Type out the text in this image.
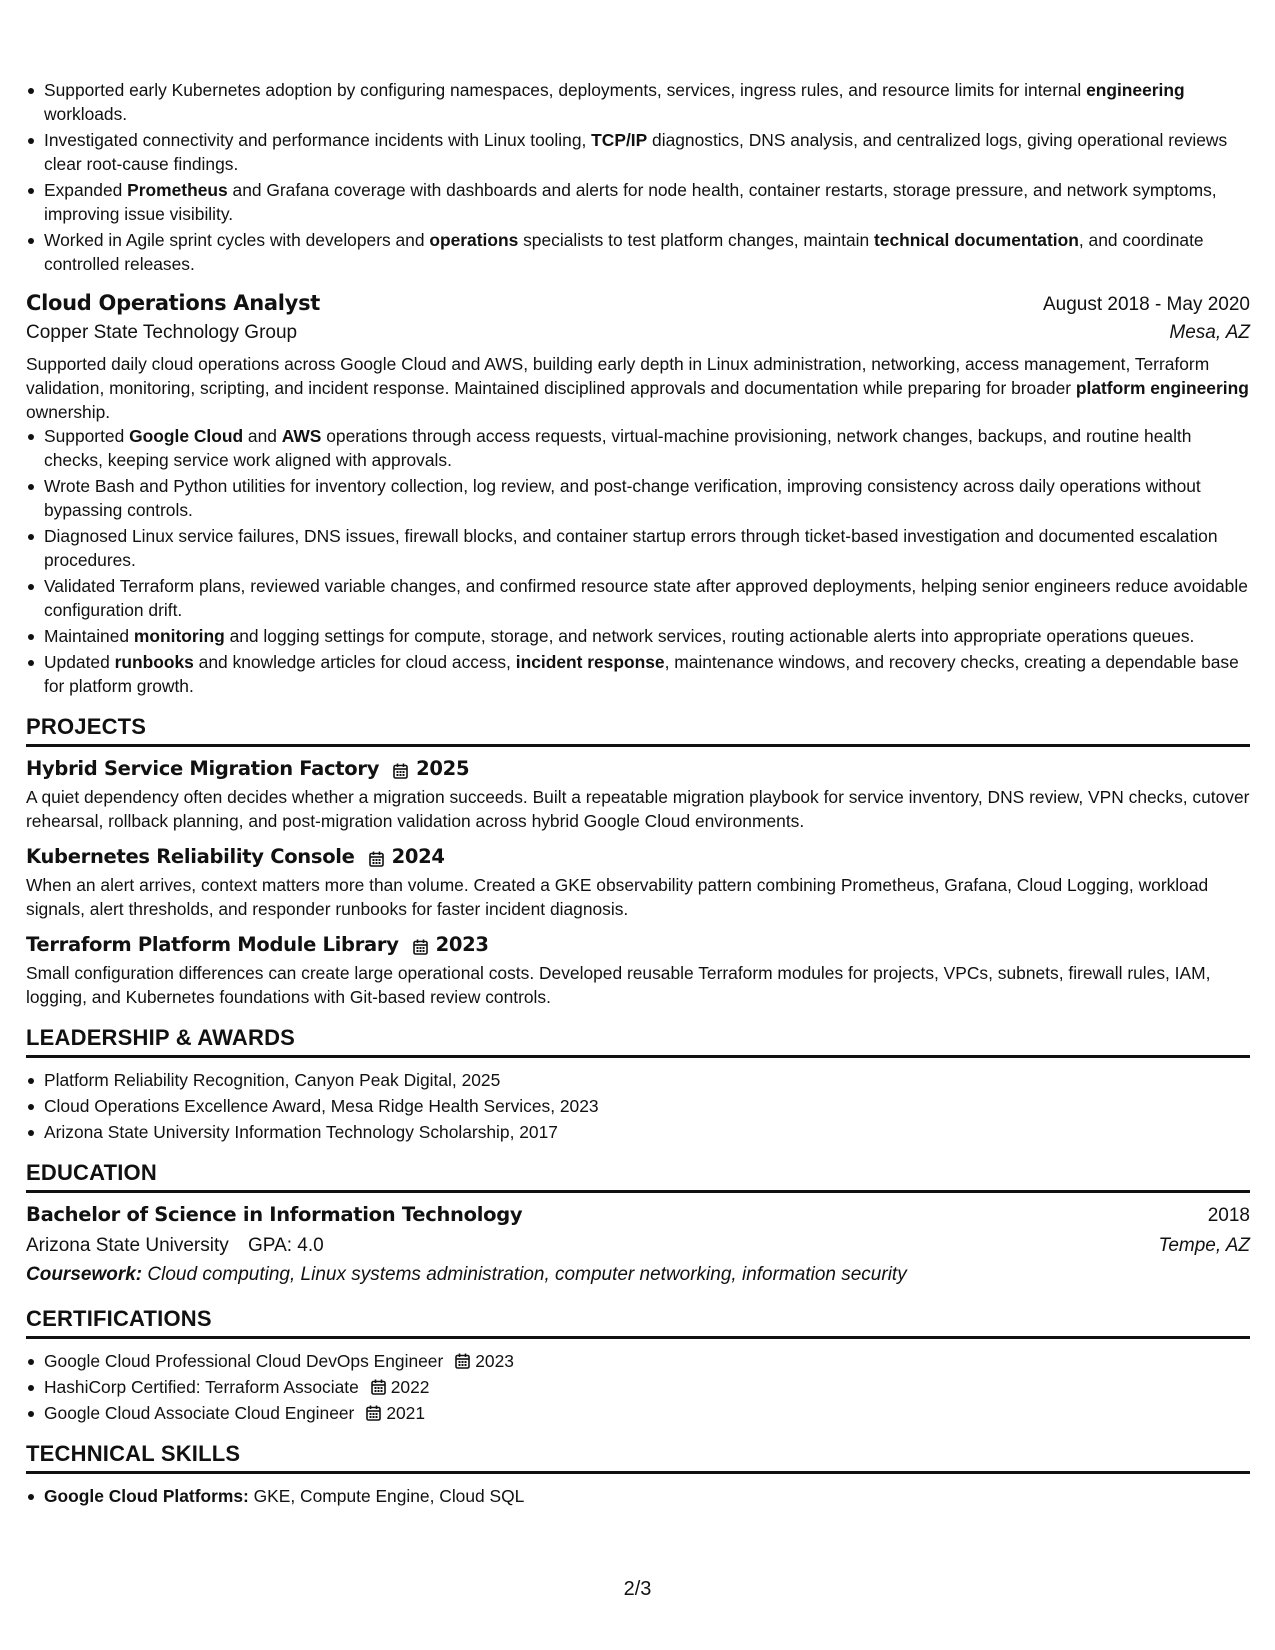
Supported early Kubernetes adoption by configuring namespaces, deployments, services, ingress rules, and resource limits for internal engineering workloads.
Investigated connectivity and performance incidents with Linux tooling, TCP/IP diagnostics, DNS analysis, and centralized logs, giving operational reviews clear root-cause findings.
Expanded Prometheus and Grafana coverage with dashboards and alerts for node health, container restarts, storage pressure, and network symptoms, improving issue visibility.
Worked in Agile sprint cycles with developers and operations specialists to test platform changes, maintain technical documentation, and coordinate controlled releases.
Cloud Operations Analyst	August 2018 - May 2020
Copper State Technology Group	Mesa, AZ
Supported daily cloud operations across Google Cloud and AWS, building early depth in Linux administration, networking, access management, Terraform validation, monitoring, scripting, and incident response. Maintained disciplined approvals and documentation while preparing for broader platform engineering ownership.
Supported Google Cloud and AWS operations through access requests, virtual-machine provisioning, network changes, backups, and routine health checks, keeping service work aligned with approvals.
Wrote Bash and Python utilities for inventory collection, log review, and post-change verification, improving consistency across daily operations without bypassing controls.
Diagnosed Linux service failures, DNS issues, firewall blocks, and container startup errors through ticket-based investigation and documented escalation procedures.
Validated Terraform plans, reviewed variable changes, and confirmed resource state after approved deployments, helping senior engineers reduce avoidable configuration drift.
Maintained monitoring and logging settings for compute, storage, and network services, routing actionable alerts into appropriate operations queues.
Updated runbooks and knowledge articles for cloud access, incident response, maintenance windows, and recovery checks, creating a dependable base for platform growth.
PROJECTS
Hybrid Service Migration Factory 2025
A quiet dependency often decides whether a migration succeeds. Built a repeatable migration playbook for service inventory, DNS review, VPN checks, cutover rehearsal, rollback planning, and post-migration validation across hybrid Google Cloud environments.
Kubernetes Reliability Console 2024
When an alert arrives, context matters more than volume. Created a GKE observability pattern combining Prometheus, Grafana, Cloud Logging, workload signals, alert thresholds, and responder runbooks for faster incident diagnosis.
Terraform Platform Module Library 2023
Small configuration differences can create large operational costs. Developed reusable Terraform modules for projects, VPCs, subnets, firewall rules, IAM, logging, and Kubernetes foundations with Git-based review controls.
LEADERSHIP & AWARDS
Platform Reliability Recognition, Canyon Peak Digital, 2025
Cloud Operations Excellence Award, Mesa Ridge Health Services, 2023
Arizona State University Information Technology Scholarship, 2017
EDUCATION
Bachelor of Science in Information Technology	2018
Arizona State University GPA: 4.0	Tempe, AZ
Coursework: Cloud computing, Linux systems administration, computer networking, information security
CERTIFICATIONS
Google Cloud Professional Cloud DevOps Engineer 2023
HashiCorp Certified: Terraform Associate 2022
Google Cloud Associate Cloud Engineer 2021
TECHNICAL SKILLS
Google Cloud Platforms: GKE, Compute Engine, Cloud SQL
2/3
